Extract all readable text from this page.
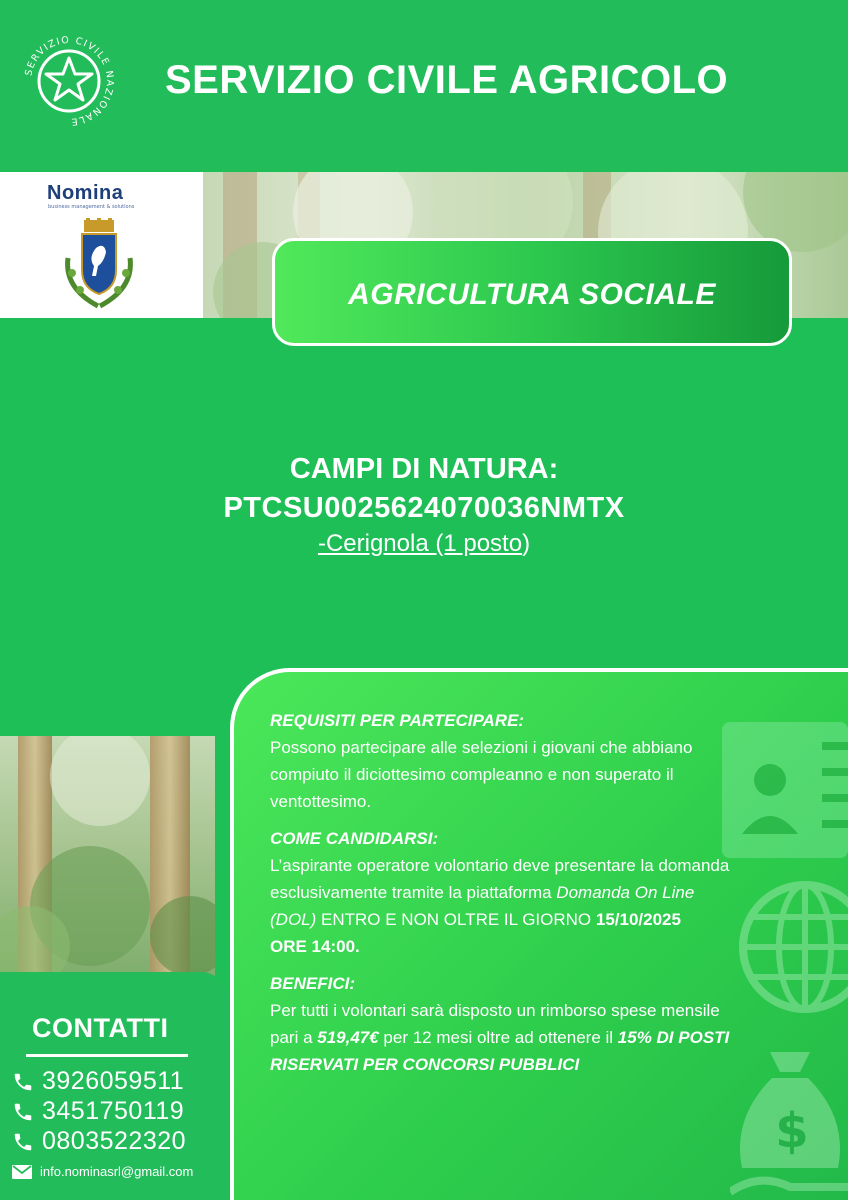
SERVIZIO CIVILE NAZIONALE
SERVIZIO CIVILE AGRICOLO
Nomina
business management & solutions
AGRICULTURA SOCIALE
CAMPI DI NATURA:
PTCSU0025624070036NMTX
-Cerignola (1 posto)
$
REQUISITI PER PARTECIPARE:
Possono partecipare alle selezioni i giovani che abbiano compiuto il diciottesimo compleanno e non superato il ventottesimo.
COME CANDIDARSI:
L’aspirante operatore volontario deve presentare la domanda esclusivamente tramite la piattaforma Domanda On Line (DOL) ENTRO E NON OLTRE IL GIORNO 15/10/2025
ORE 14:00.
BENEFICI:
Per tutti i volontari sarà disposto un rimborso spese mensile pari a 519,47€ per 12 mesi oltre ad ottenere il 15% DI POSTI RISERVATI PER CONCORSI PUBBLICI
CONTATTI
3926059511
3451750119
0803522320
info.nominasrl@gmail.com
